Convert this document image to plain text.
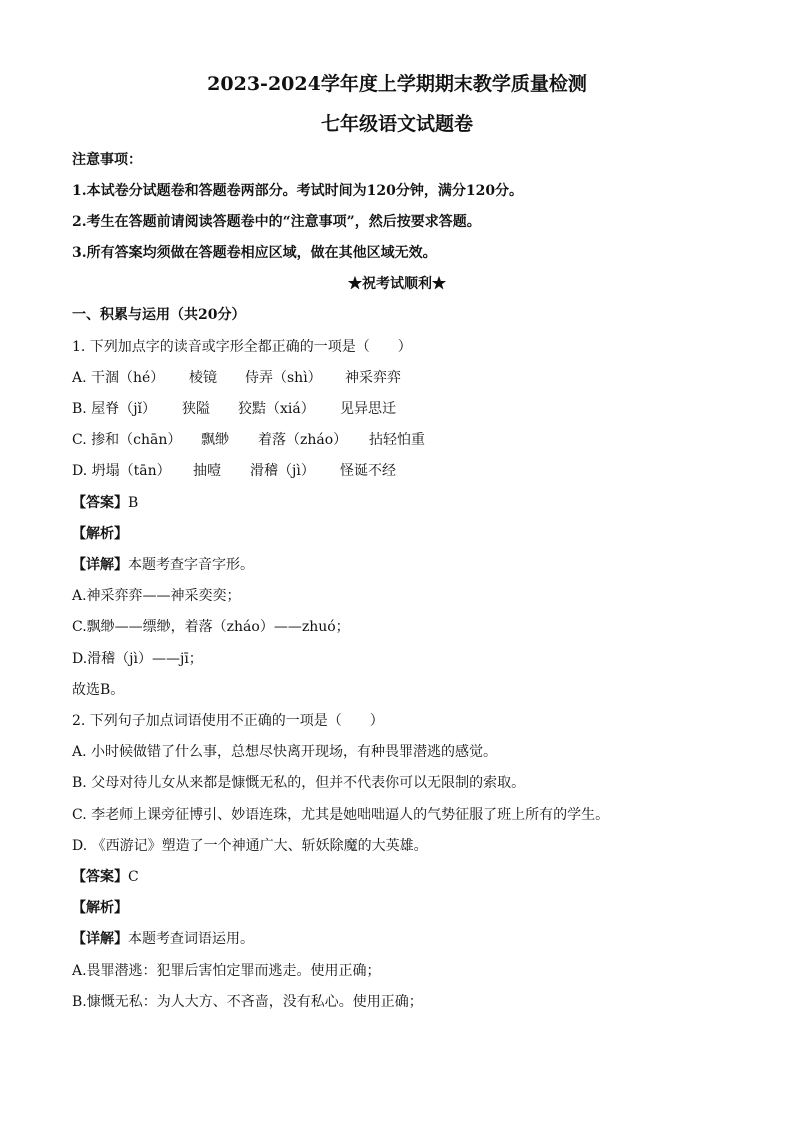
2023-2024学年度上学期期末教学质量检测
七年级语文试题卷
注意事项：
1.本试卷分试题卷和答题卷两部分。考试时间为120分钟，满分120分。
2.考生在答题前请阅读答题卷中的“注意事项”，然后按要求答题。
3.所有答案均须做在答题卷相应区域，做在其他区域无效。
★祝考试顺利★
一、积累与运用（共20分）
1. 下列加点字的读音或字形全都正确的一项是（　　）
A. 干涸（hé） 棱镜 侍弄（shì） 神采弈弈
B. 屋脊（jǐ） 狭隘 狡黠（xiá） 见异思迁
C. 掺和（chān） 飘缈 着落（zháo） 拈轻怕重
D. 坍塌（tān） 抽噎 滑稽（jì） 怪诞不经
【答案】B
【解析】
【详解】本题考查字音字形。
A.神采弈弈——神采奕奕；
C.飘缈——缥缈，着落（zháo）——zhuó；
D.滑稽（jì）——jī；
故选B。
2. 下列句子加点词语使用不正确的一项是（　　）
A. 小时候做错了什么事，总想尽快离开现场，有种畏罪潜逃的感觉。
B. 父母对待儿女从来都是慷慨无私的，但并不代表你可以无限制的索取。
C. 李老师上课旁征博引、妙语连珠，尤其是她咄咄逼人的气势征服了班上所有的学生。
D. 《西游记》塑造了一个神通广大、斩妖除魔的大英雄。
【答案】C
【解析】
【详解】本题考查词语运用。
A.畏罪潜逃：犯罪后害怕定罪而逃走。使用正确；
B.慷慨无私：为人大方、不吝啬，没有私心。使用正确；
